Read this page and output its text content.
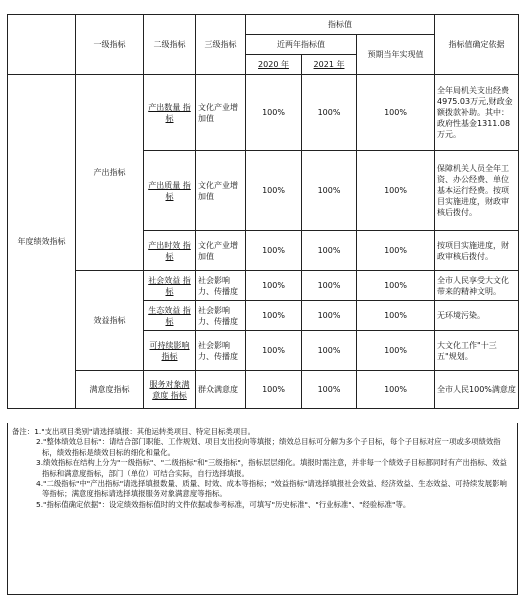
	一级指标	二级指标	三级指标	指标值			指标值确定依据
				近两年指标值		预期当年实现值	
				2020 年	2021 年		
年度绩效指标	产出指标	产出数量 指标	文化产业增加值	100%	100%	100%	全年局机关支出经费4975.03万元,财政金额拨款补助。其中：政府性基金1311.08万元。
		产出质量 指标	文化产业增加值	100%	100%	100%	保障机关人员全年工资、办公经费、单位基本运行经费。按项目实施进度，财政审核后拨付。
		产出时效 指标	文化产业增加值	100%	100%	100%	按项目实施进度，财政审核后拨付。
	效益指标	社会效益 指标	社会影响力、传播度	100%	100%	100%	全市人民享受大文化带来的精神文明。
		生态效益 指标	社会影响力、传播度	100%	100%	100%	无环境污染。
		可持续影响 指标	社会影响力、传播度	100%	100%	100%	大文化工作"十三五"规划。
	满意度指标	服务对象满意度 指标	群众满意度	100%	100%	100%	全市人民100%满意度

备注：1."支出项目类别"请选择填报：其他运转类项目、特定目标类项目。

2."整体绩效总目标"：请结合部门职能、工作规划、项目支出投向等填报；绩效总目标可分解为多个子目标，每个子目标对应一项或多项绩效指标，绩效指标是绩效目标的细化和量化。

3.绩效指标在结构上分为"一级指标"、"二级指标"和"三级指标"，指标层层细化。填报时需注意，并非每一个绩效子目标都同时有产出指标、效益指标和满意度指标，部门（单位）可结合实际，自行选择填报。

4."二级指标"中"产出指标"请选择填报数量、质量、时效、成本等指标；"效益指标"请选择填报社会效益、经济效益、生态效益、可持续发展影响等指标；满意度指标请选择填报服务对象满意度等指标。

5."指标值确定依据"：设定绩效指标值时的文件依据或参考标准，可填写"历史标准"、"行业标准"、"经验标准"等。
